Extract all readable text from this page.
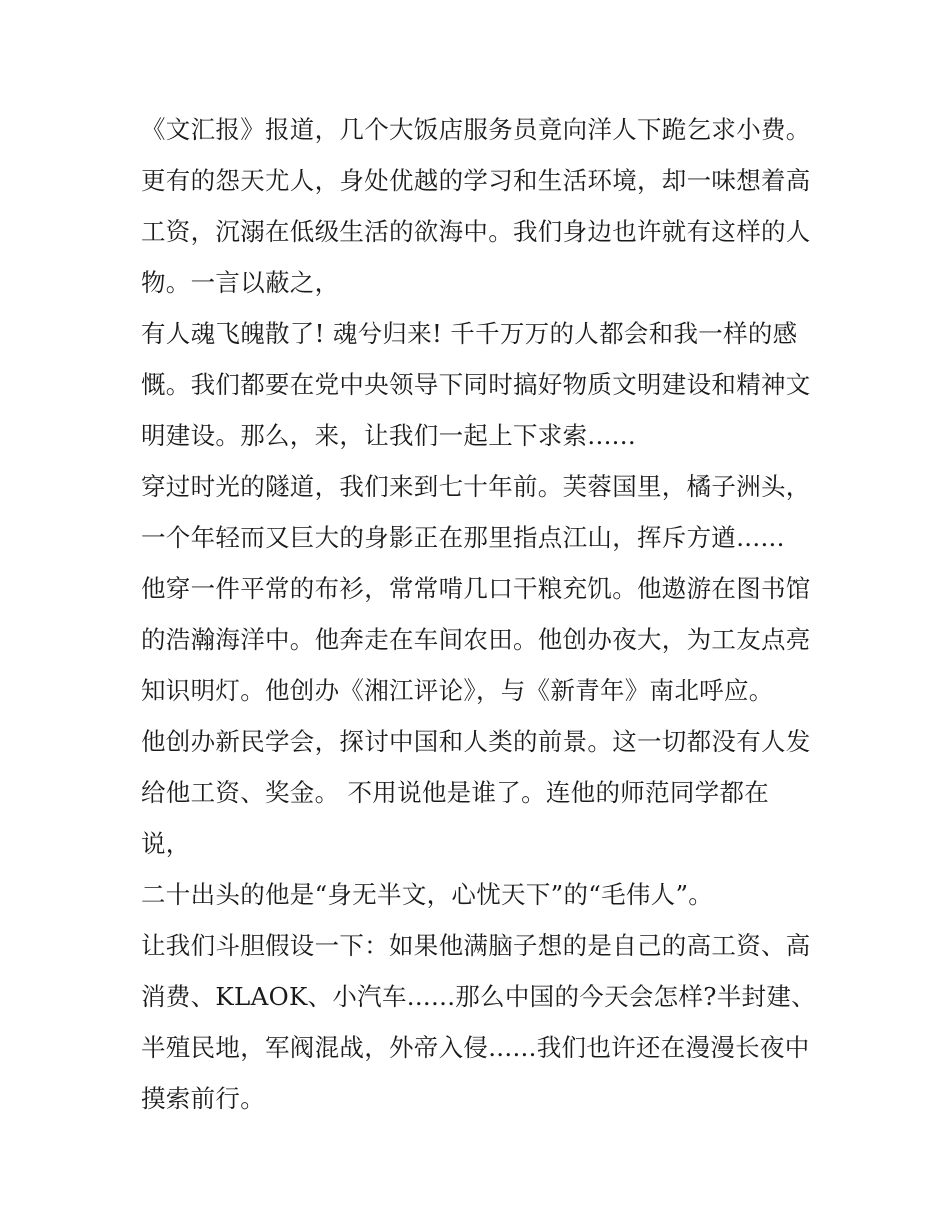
《文汇报》报道，几个大饭店服务员竟向洋人下跪乞求小费。
更有的怨天尤人，身处优越的学习和生活环境，却一味想着高
工资，沉溺在低级生活的欲海中。我们身边也许就有这样的人
物。一言以蔽之，
有人魂飞魄散了! 魂兮归来! 千千万万的人都会和我一样的感
慨。我们都要在党中央领导下同时搞好物质文明建设和精神文
明建设。那么，来，让我们一起上下求索......
穿过时光的隧道，我们来到七十年前。芙蓉国里，橘子洲头，
一个年轻而又巨大的身影正在那里指点江山，挥斥方遒......
他穿一件平常的布衫，常常啃几口干粮充饥。他遨游在图书馆
的浩瀚海洋中。他奔走在车间农田。他创办夜大，为工友点亮
知识明灯。他创办《湘江评论》，与《新青年》南北呼应。
他创办新民学会，探讨中国和人类的前景。这一切都没有人发
给他工资、奖金。 不用说他是谁了。连他的师范同学都在
说，
二十出头的他是“身无半文，心忧天下”的“毛伟人”。
让我们斗胆假设一下：如果他满脑子想的是自己的高工资、高
消费、KLAOK、小汽车......那么中国的今天会怎样?半封建、
半殖民地，军阀混战，外帝入侵......我们也许还在漫漫长夜中
摸索前行。
